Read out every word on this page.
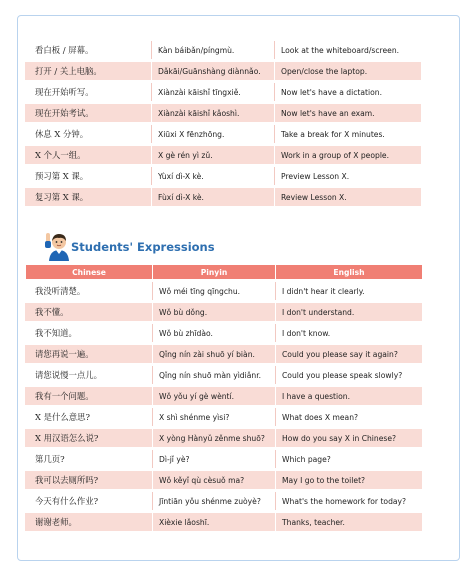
看白板 / 屏幕。	Kàn báibǎn/píngmù.	Look at the whiteboard/screen.
打开 / 关上电脑。	Dǎkāi/Guānshàng diànnǎo.	Open/close the laptop.
现在开始听写。	Xiànzài kāishǐ tīngxiě.	Now let's have a dictation.
现在开始考试。	Xiànzài kāishǐ kǎoshì.	Now let's have an exam.
休息 X 分钟。	Xiūxi X fēnzhōng.	Take a break for X minutes.
X 个人一组。	X gè rén yì zǔ.	Work in a group of X people.
预习第 X 课。	Yùxí dì-X kè.	Preview Lesson X.
复习第 X 课。	Fùxí dì-X kè.	Review Lesson X.
Students' Expressions
Chinese	Pinyin	English
我没听清楚。	Wǒ méi tīng qīngchu.	I didn't hear it clearly.
我不懂。	Wǒ bù dǒng.	I don't understand.
我不知道。	Wǒ bù zhīdào.	I don't know.
请您再说一遍。	Qǐng nín zài shuō yí biàn.	Could you please say it again?
请您说慢一点儿。	Qǐng nín shuō màn yìdiǎnr.	Could you please speak slowly?
我有一个问题。	Wǒ yǒu yí gè wèntí.	I have a question.
X 是什么意思?	X shì shénme yìsi?	What does X mean?
X 用汉语怎么说?	X yòng Hànyǔ zěnme shuō?	How do you say X in Chinese?
第几页?	Dì-jǐ yè?	Which page?
我可以去厕所吗?	Wǒ kěyǐ qù cèsuǒ ma?	May I go to the toilet?
今天有什么作业?	Jīntiān yǒu shénme zuòyè?	What's the homework for today?
谢谢老师。	Xièxie lǎoshī.	Thanks, teacher.
